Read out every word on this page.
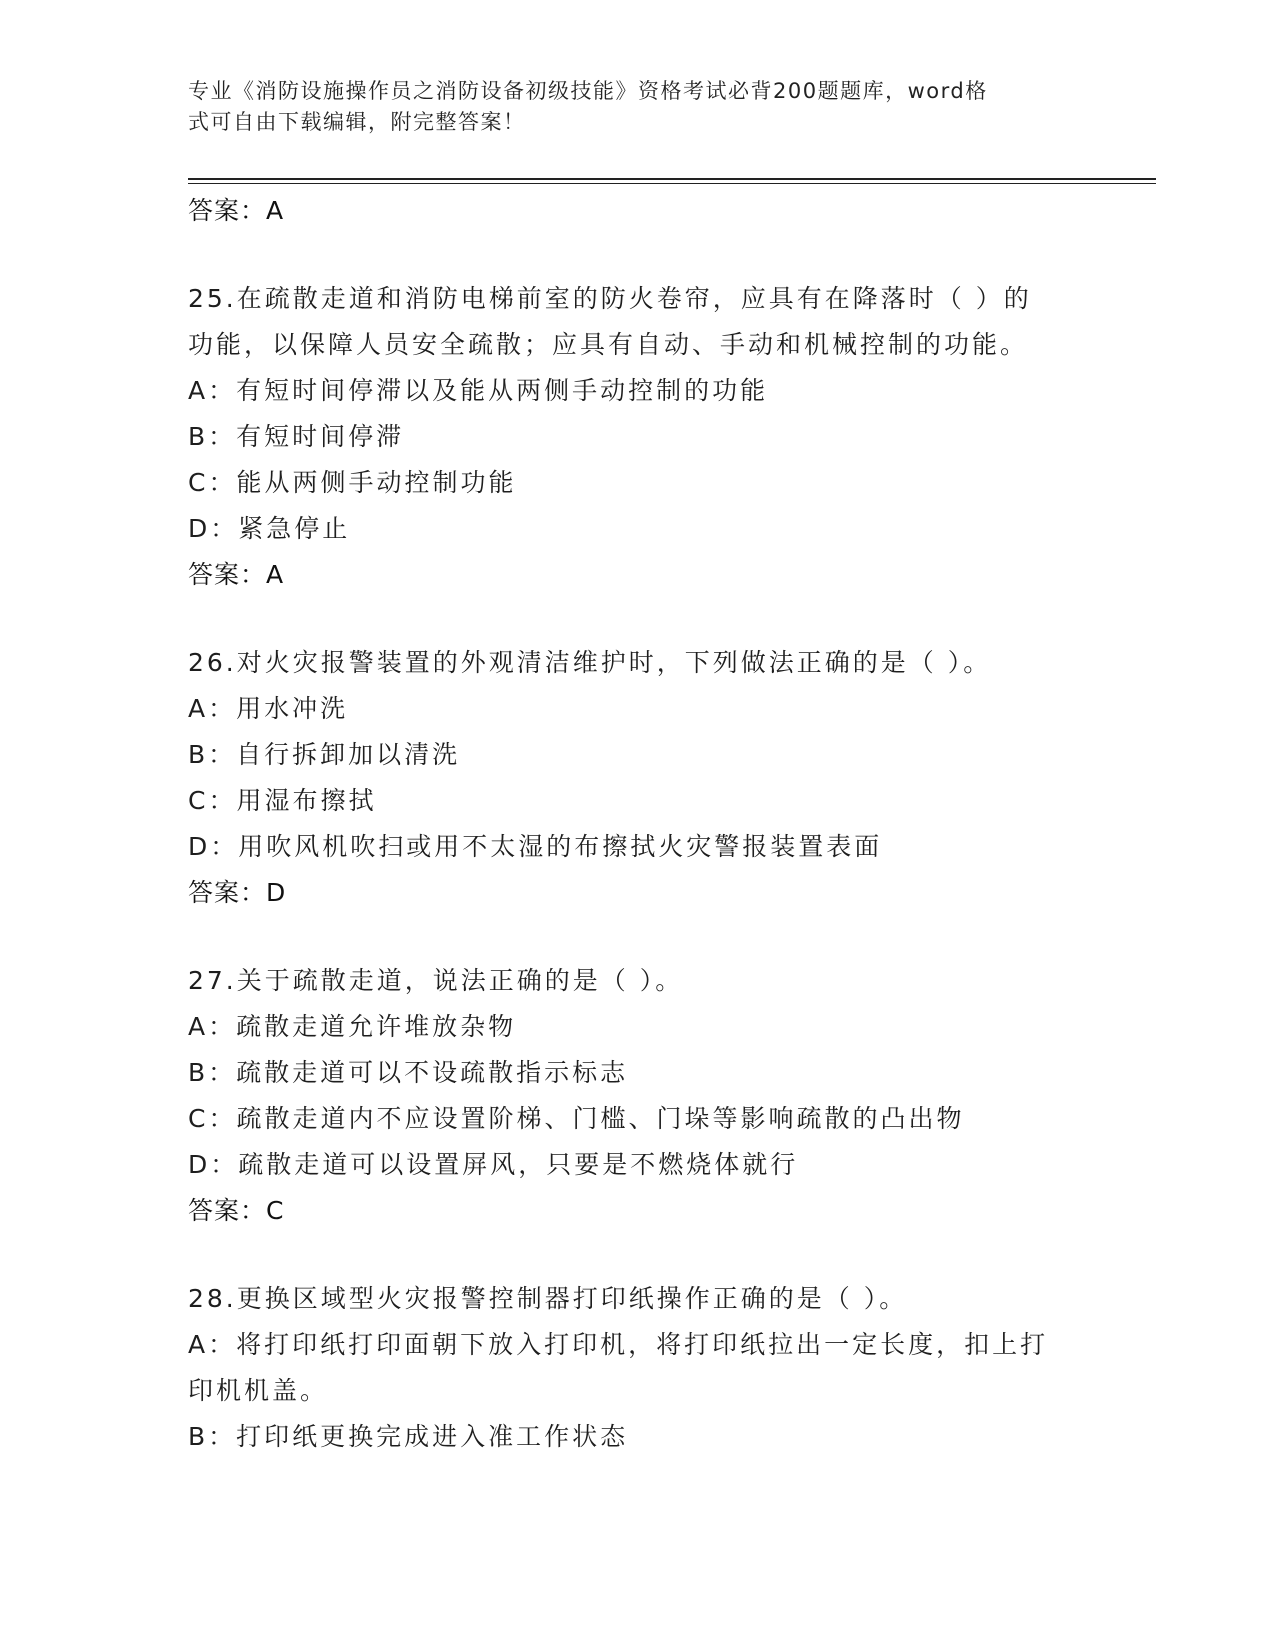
专业《消防设施操作员之消防设备初级技能》资格考试必背200题题库，word格
式可自由下载编辑，附完整答案！
答案：A
25.在疏散走道和消防电梯前室的防火卷帘，应具有在降落时（ ）的
功能，以保障人员安全疏散；应具有自动、手动和机械控制的功能。
A：有短时间停滞以及能从两侧手动控制的功能
B：有短时间停滞
C：能从两侧手动控制功能
D：紧急停止
答案：A
26.对火灾报警装置的外观清洁维护时，下列做法正确的是（ ）。
A：用水冲洗
B：自行拆卸加以清洗
C：用湿布擦拭
D：用吹风机吹扫或用不太湿的布擦拭火灾警报装置表面
答案：D
27.关于疏散走道，说法正确的是（ ）。
A：疏散走道允许堆放杂物
B：疏散走道可以不设疏散指示标志
C：疏散走道内不应设置阶梯、门槛、门垛等影响疏散的凸出物
D：疏散走道可以设置屏风，只要是不燃烧体就行
答案：C
28.更换区域型火灾报警控制器打印纸操作正确的是（ ）。
A：将打印纸打印面朝下放入打印机，将打印纸拉出一定长度，扣上打
印机机盖。
B：打印纸更换完成进入准工作状态
